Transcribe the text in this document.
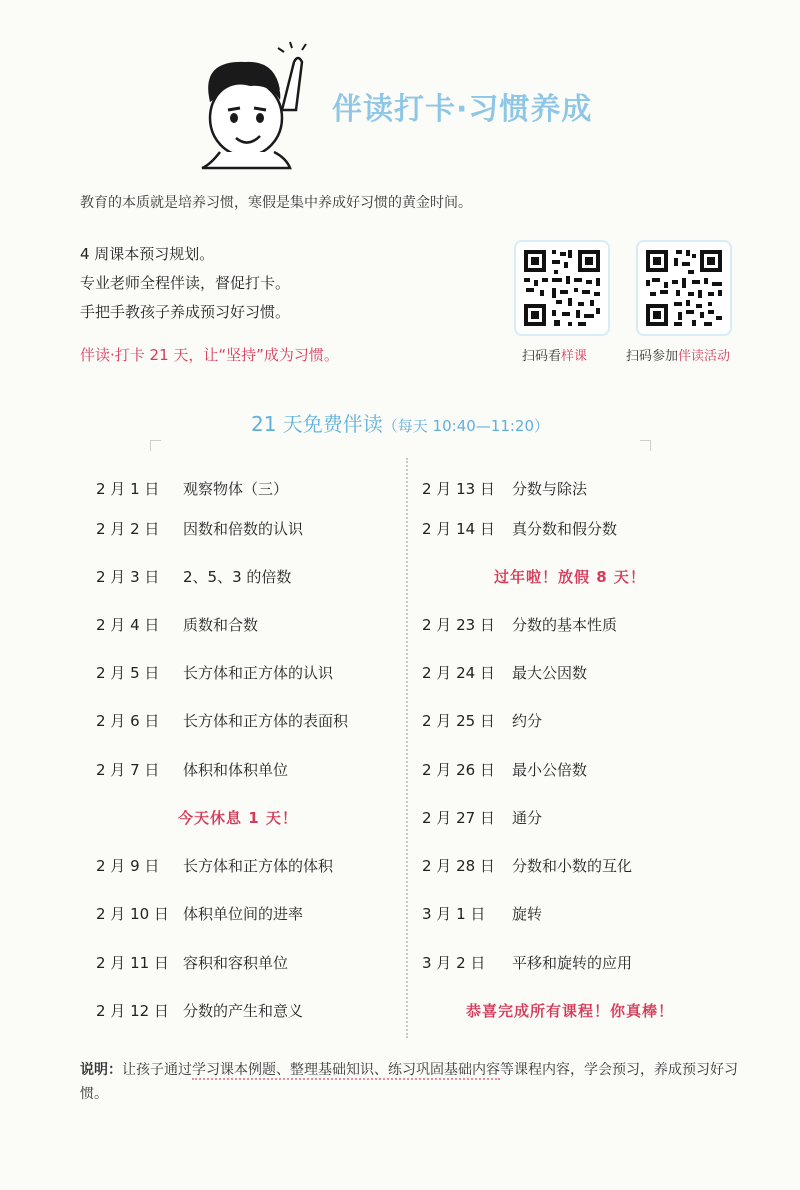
伴读打卡·习惯养成
教育的本质就是培养习惯，寒假是集中养成好习惯的黄金时间。
4 周课本预习规划。
专业老师全程伴读，督促打卡。
手把手教孩子养成预习好习惯。
伴读·打卡 21 天，让“坚持”成为习惯。	扫码看样课	扫码参加伴读活动
21 天免费伴读（每天 10:40—11:20）
2 月 1 日 观察物体（三）
2 月 2 日 因数和倍数的认识
2 月 3 日 2、5、3 的倍数
2 月 4 日 质数和合数
2 月 5 日 长方体和正方体的认识
2 月 6 日 长方体和正方体的表面积
2 月 7 日 体积和体积单位
今天休息 1 天！
2 月 9 日 长方体和正方体的体积
2 月 10 日 体积单位间的进率
2 月 11 日 容积和容积单位
2 月 12 日 分数的产生和意义
2 月 13 日 分数与除法
2 月 14 日 真分数和假分数
过年啦！放假 8 天！
2 月 23 日 分数的基本性质
2 月 24 日 最大公因数
2 月 25 日 约分
2 月 26 日 最小公倍数
2 月 27 日 通分
2 月 28 日 分数和小数的互化
3 月 1 日 旋转
3 月 2 日 平移和旋转的应用
恭喜完成所有课程！你真棒！
说明：让孩子通过学习课本例题、整理基础知识、练习巩固基础内容等课程内容，学会预习，养成预习好习惯。
